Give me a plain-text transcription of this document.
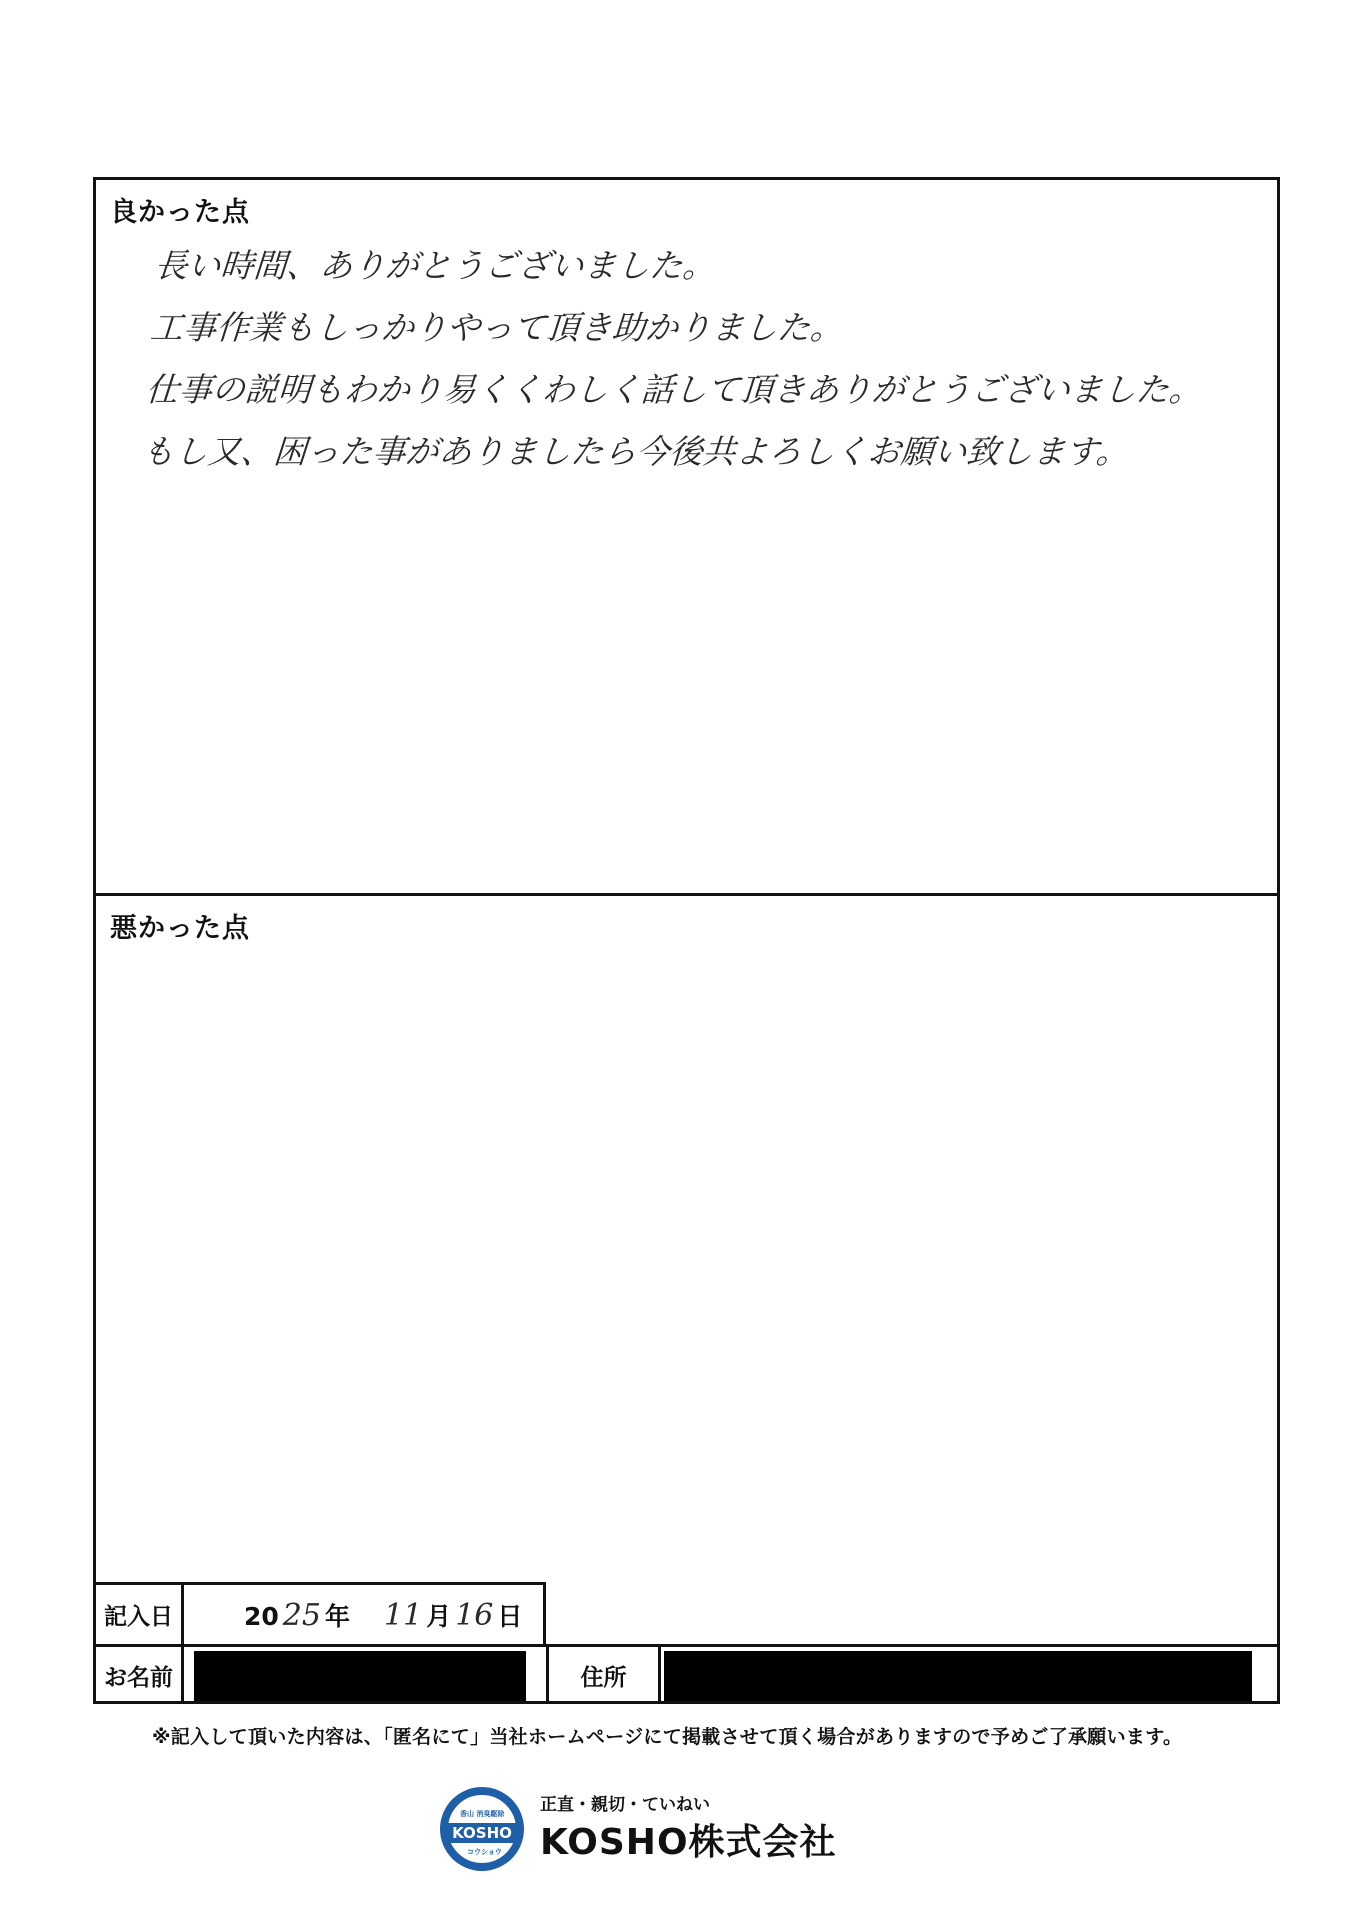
良かった点
長い時間、ありがとうございました。
工事作業もしっかりやって頂き助かりました。
仕事の説明もわかり易くくわしく話して頂きありがとうございました。
もし又、困った事がありましたら今後共よろしくお願い致します。
悪かった点
記入日	20 25 年 11 月 16 日
お名前	住所
※記入して頂いた内容は、「匿名にて」当社ホームページにて掲載させて頂く場合がありますので予めご了承願います。
香山 消臭駆除
KOSHO
コウショウ
正直・親切・ていねい
KOSHO株式会社
